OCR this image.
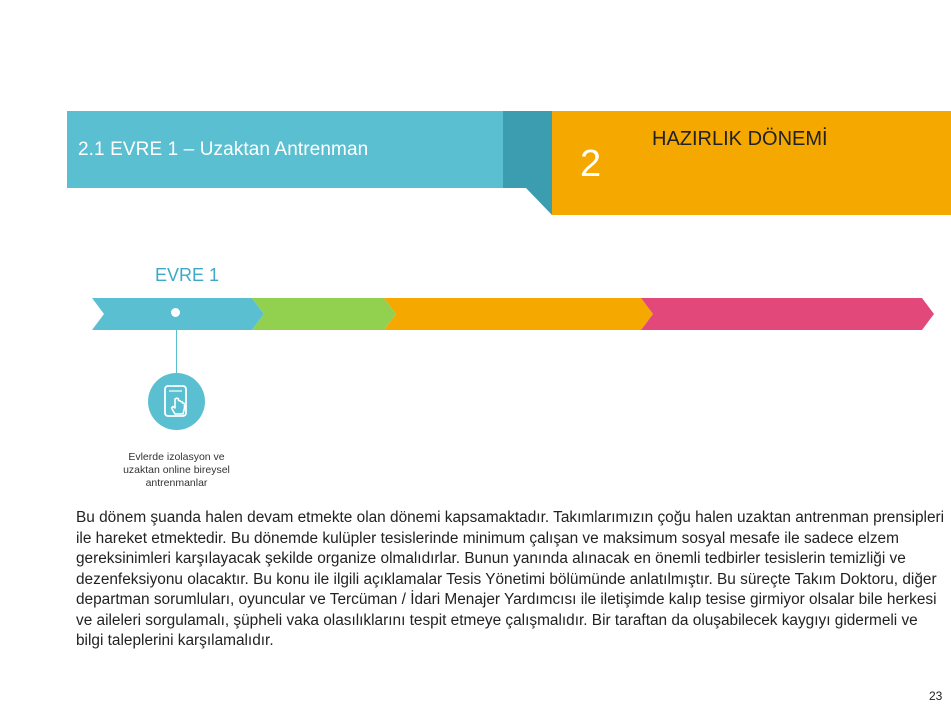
2.1 EVRE 1 – Uzaktan Antrenman	2
HAZIRLIK DÖNEMİ
EVRE 1
Evlerde izolasyon ve uzaktan online bireysel antrenmanlar
Bu dönem şuanda halen devam etmekte olan dönemi kapsamaktadır. Takımlarımızın çoğu halen uzaktan antrenman prensipleri ile hareket etmektedir. Bu dönemde kulüpler tesislerinde minimum çalışan ve maksimum sosyal mesafe ile sadece elzem gereksinimleri karşılayacak şekilde organize olmalıdırlar. Bunun yanında alınacak en önemli tedbirler tesislerin temizliği ve dezenfeksiyonu olacaktır. Bu konu ile ilgili açıklamalar Tesis Yönetimi bölümünde anlatılmıştır. Bu süreçte Takım Doktoru, diğer departman sorumluları, oyuncular ve Tercüman / İdari Menajer Yardımcısı ile iletişimde kalıp tesise girmiyor olsalar bile herkesi ve aileleri sorgulamalı, şüpheli vaka olasılıklarını tespit etmeye çalışmalıdır. Bir taraftan da oluşabilecek kaygıyı gidermeli ve bilgi taleplerini karşılamalıdır.
23
